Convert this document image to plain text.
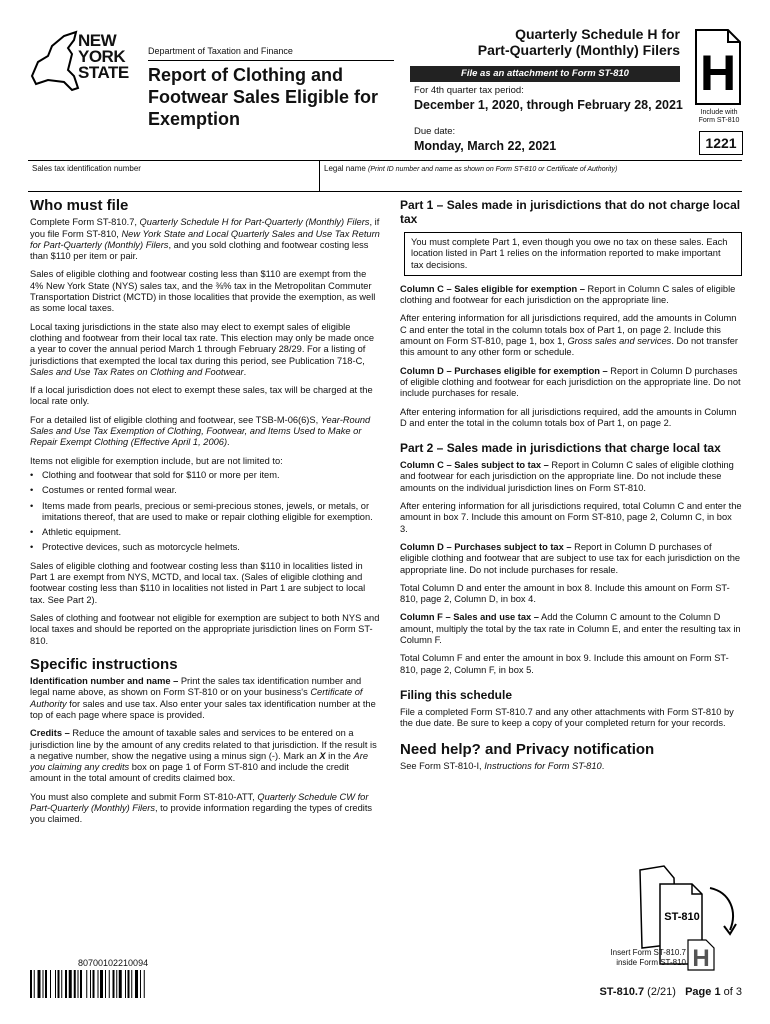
NEW
YORK
STATE
Department of Taxation and Finance
Report of Clothing and Footwear Sales Eligible for Exemption
Quarterly Schedule H for
Part-Quarterly (Monthly) Filers
File as an attachment to Form ST-810
For 4th quarter tax period:
December 1, 2020, through February 28, 2021
Due date:
Monday, March 22, 2021
H
Include with Form ST-810
1221
Sales tax identification number	Legal name (Print ID number and name as shown on Form ST-810 or Certificate of Authority)
Who must file

Complete Form ST-810.7, Quarterly Schedule H for Part-Quarterly (Monthly) Filers, if you file Form ST-810, New York State and Local Quarterly Sales and Use Tax Return for Part-Quarterly (Monthly) Filers, and you sold clothing and footwear costing less than $110 per item or pair.

Sales of eligible clothing and footwear costing less than $110 are exempt from the 4% New York State (NYS) sales tax, and the ⅜% tax in the Metropolitan Commuter Transportation District (MCTD) in those localities that provide the exemption, as well as some local taxes.

Local taxing jurisdictions in the state also may elect to exempt sales of eligible clothing and footwear from their local tax rate. This election may only be made once a year to cover the annual period March 1 through February 28/29. For a listing of jurisdictions that exempted the local tax during this period, see Publication 718-C, Sales and Use Tax Rates on Clothing and Footwear.

If a local jurisdiction does not elect to exempt these sales, tax will be charged at the local rate only.

For a detailed list of eligible clothing and footwear, see TSB-M-06(6)S, Year-Round Sales and Use Tax Exemption of Clothing, Footwear, and Items Used to Make or Repair Exempt Clothing (Effective April 1, 2006).

Items not eligible for exemption include, but are not limited to:

• Clothing and footwear that sold for $110 or more per item.
• Costumes or rented formal wear.
• Items made from pearls, precious or semi-precious stones, jewels, or metals, or imitations thereof, that are used to make or repair clothing eligible for exemption.
• Athletic equipment.
• Protective devices, such as motorcycle helmets.

Sales of eligible clothing and footwear costing less than $110 in localities listed in Part 1 are exempt from NYS, MCTD, and local tax. (Sales of eligible clothing and footwear costing less than $110 in localities not listed in Part 1 are subject to local tax. See Part 2).

Sales of clothing and footwear not eligible for exemption are subject to both NYS and local taxes and should be reported on the appropriate jurisdiction lines on Form ST-810.

Specific instructions

Identification number and name – Print the sales tax identification number and legal name above, as shown on Form ST-810 or on your business's Certificate of Authority for sales and use tax. Also enter your sales tax identification number at the top of each page where space is provided.

Credits – Reduce the amount of taxable sales and services to be entered on a jurisdiction line by the amount of any credits related to that jurisdiction. If the result is a negative number, show the negative using a minus sign (-). Mark an X in the Are you claiming any credits box on page 1 of Form ST-810 and include the credit amount in the total amount of credits claimed box.

You must also complete and submit Form ST-810-ATT, Quarterly Schedule CW for Part-Quarterly (Monthly) Filers, to provide information regarding the types of credits you claimed.

Part 1 – Sales made in jurisdictions that do not charge local tax
You must complete Part 1, even though you owe no tax on these sales. Each location listed in Part 1 relies on the information reported to make important tax decisions.

Column C – Sales eligible for exemption – Report in Column C sales of eligible clothing and footwear for each jurisdiction on the appropriate line.

After entering information for all jurisdictions required, add the amounts in Column C and enter the total in the column totals box of Part 1, on page 2. Include this amount on Form ST-810, page 1, box 1, Gross sales and services. Do not transfer this amount to any other form or schedule.

Column D – Purchases eligible for exemption – Report in Column D purchases of eligible clothing and footwear for each jurisdiction on the appropriate line. Do not include purchases for resale.

After entering information for all jurisdictions required, add the amounts in Column D and enter the total in the column totals box of Part 1, on page 2.

Part 2 – Sales made in jurisdictions that charge local tax

Column C – Sales subject to tax – Report in Column C sales of eligible clothing and footwear for each jurisdiction on the appropriate line. Do not include these amounts on the individual jurisdiction lines on Form ST-810.

After entering information for all jurisdictions required, total Column C and enter the amount in box 7. Include this amount on Form ST-810, page 2, Column C, in box 3.

Column D – Purchases subject to tax – Report in Column D purchases of eligible clothing and footwear that are subject to use tax for each jurisdiction on the appropriate line. Do not include purchases for resale.

Total Column D and enter the amount in box 8. Include this amount on Form ST-810, page 2, Column D, in box 4.

Column F – Sales and use tax – Add the Column C amount to the Column D amount, multiply the total by the tax rate in Column E, and enter the resulting tax in Column F.

Total Column F and enter the amount in box 9. Include this amount on Form ST-810, page 2, Column F, in box 5.

Filing this schedule

File a completed Form ST-810.7 and any other attachments with Form ST-810 by the due date. Be sure to keep a copy of your completed return for your records.

Need help? and Privacy notification

See Form ST-810-I, Instructions for Form ST-810.

ST-810
H
Insert Form ST-810.7 inside Form ST-810
80700102210094
ST-810.7 (2/21) Page 1 of 3
